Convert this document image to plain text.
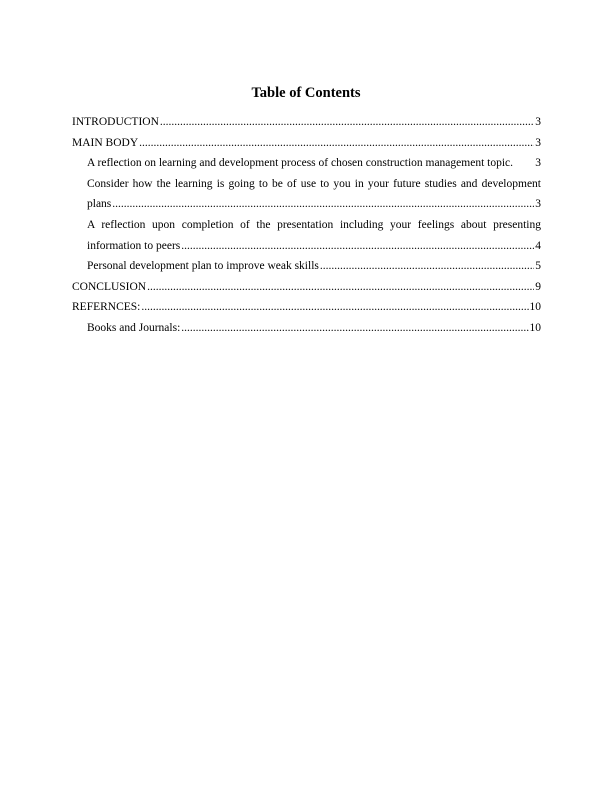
Table of Contents
INTRODUCTION .....	3
MAIN BODY .....	3
A reflection on learning and development process of chosen construction management topic. 3
Consider how the learning is going to be of use to you in your future studies and development
plans .....	3
A reflection upon completion of the presentation including your feelings about presenting
information to peers .....	4
Personal development plan to improve weak skills .....	5
CONCLUSION .....	9
REFERNCES: .....	10
Books and Journals: .....	10
